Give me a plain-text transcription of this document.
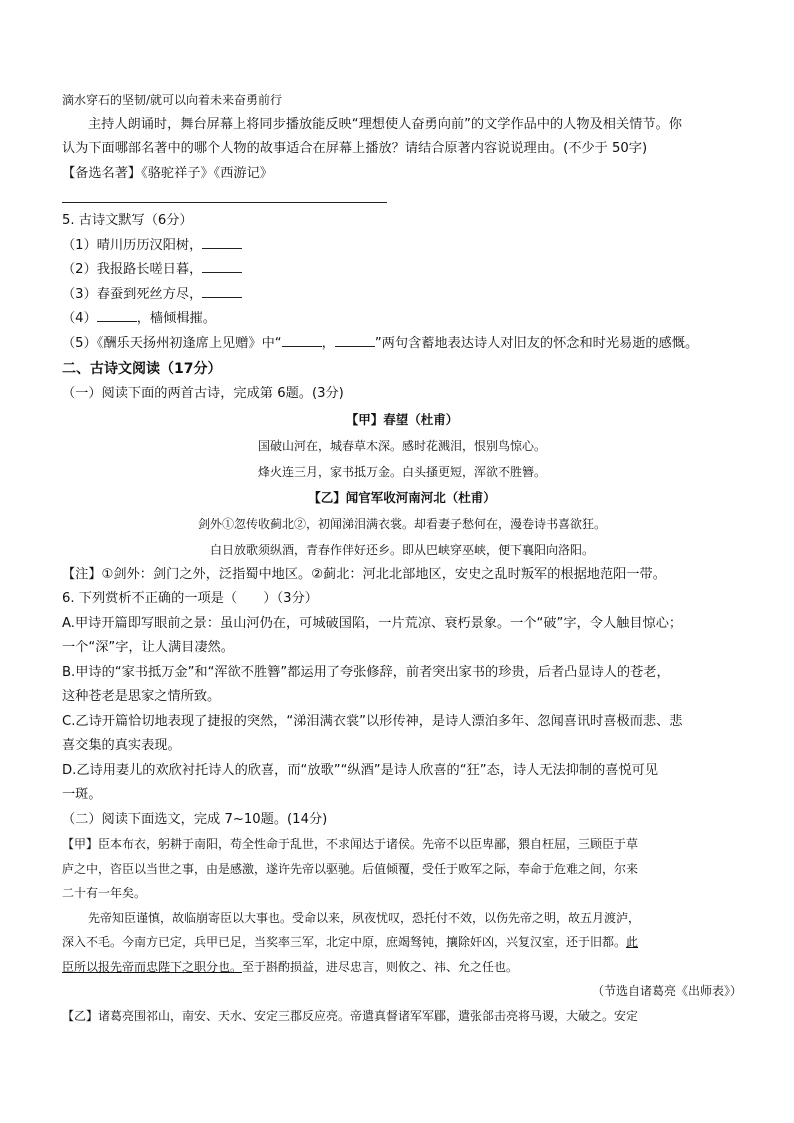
滴水穿石的坚韧/就可以向着未来奋勇前行
主持人朗诵时，舞台屏幕上将同步播放能反映“理想使人奋勇向前”的文学作品中的人物及相关情节。你
认为下面哪部名著中的哪个人物的故事适合在屏幕上播放？请结合原著内容说说理由。(不少于 50字)
【备选名著】《骆驼祥子》《西游记》
5. 古诗文默写（6分）
（1）晴川历历汉阳树，
（2）我报路长嗟日暮，
（3）春蚕到死丝方尽，
（4）	，樯倾楫摧。
（5）《酬乐天扬州初逢席上见赠》中“	，	”两句含蓄地表达诗人对旧友的怀念和时光易逝的感慨。
二、古诗文阅读（17分）
（一）阅读下面的两首古诗，完成第 6题。(3分)
【甲】春望（杜甫）
国破山河在，城春草木深。感时花溅泪，恨别鸟惊心。
烽火连三月，家书抵万金。白头搔更短，浑欲不胜簪。
【乙】闻官军收河南河北（杜甫）
剑外①忽传收蓟北②，初闻涕泪满衣裳。却看妻子愁何在，漫卷诗书喜欲狂。
白日放歌须纵酒，青春作伴好还乡。即从巴峡穿巫峡，便下襄阳向洛阳。
【注】①剑外：剑门之外，泛指蜀中地区。②蓟北：河北北部地区，安史之乱时叛军的根据地范阳一带。
6. 下列赏析不正确的一项是（　　）（3分）
A.甲诗开篇即写眼前之景：虽山河仍在，可城破国陷，一片荒凉、衰朽景象。一个“破”字，令人触目惊心；
一个“深”字，让人满目凄然。
B.甲诗的“家书抵万金”和“浑欲不胜簪”都运用了夸张修辞，前者突出家书的珍贵，后者凸显诗人的苍老，
这种苍老是思家之情所致。
C.乙诗开篇恰切地表现了捷报的突然，“涕泪满衣裳”以形传神，是诗人漂泊多年、忽闻喜讯时喜极而悲、悲
喜交集的真实表现。
D.乙诗用妻儿的欢欣衬托诗人的欣喜，而“放歌”“纵酒”是诗人欣喜的“狂”态，诗人无法抑制的喜悦可见
一斑。
（二）阅读下面选文，完成 7~10题。(14分)
【甲】臣本布衣，躬耕于南阳，苟全性命于乱世，不求闻达于诸侯。先帝不以臣卑鄙，猥自枉屈，三顾臣于草
庐之中，咨臣以当世之事，由是感激，遂许先帝以驱驰。后值倾覆，受任于败军之际，奉命于危难之间，尔来
二十有一年矣。
先帝知臣谨慎，故临崩寄臣以大事也。受命以来，夙夜忧叹，恐托付不效，以伤先帝之明，故五月渡泸，
深入不毛。今南方已定，兵甲已足，当奖率三军，北定中原，庶竭驽钝，攘除奸凶，兴复汉室，还于旧都。此
臣所以报先帝而忠陛下之职分也。至于斟酌损益，进尽忠言，则攸之、祎、允之任也。
（节选自诸葛亮《出师表》）
【乙】诸葛亮围祁山，南安、天水、安定三郡反应亮。帝遣真督诸军军郿，遣张郃击亮将马谡，大破之。安定
